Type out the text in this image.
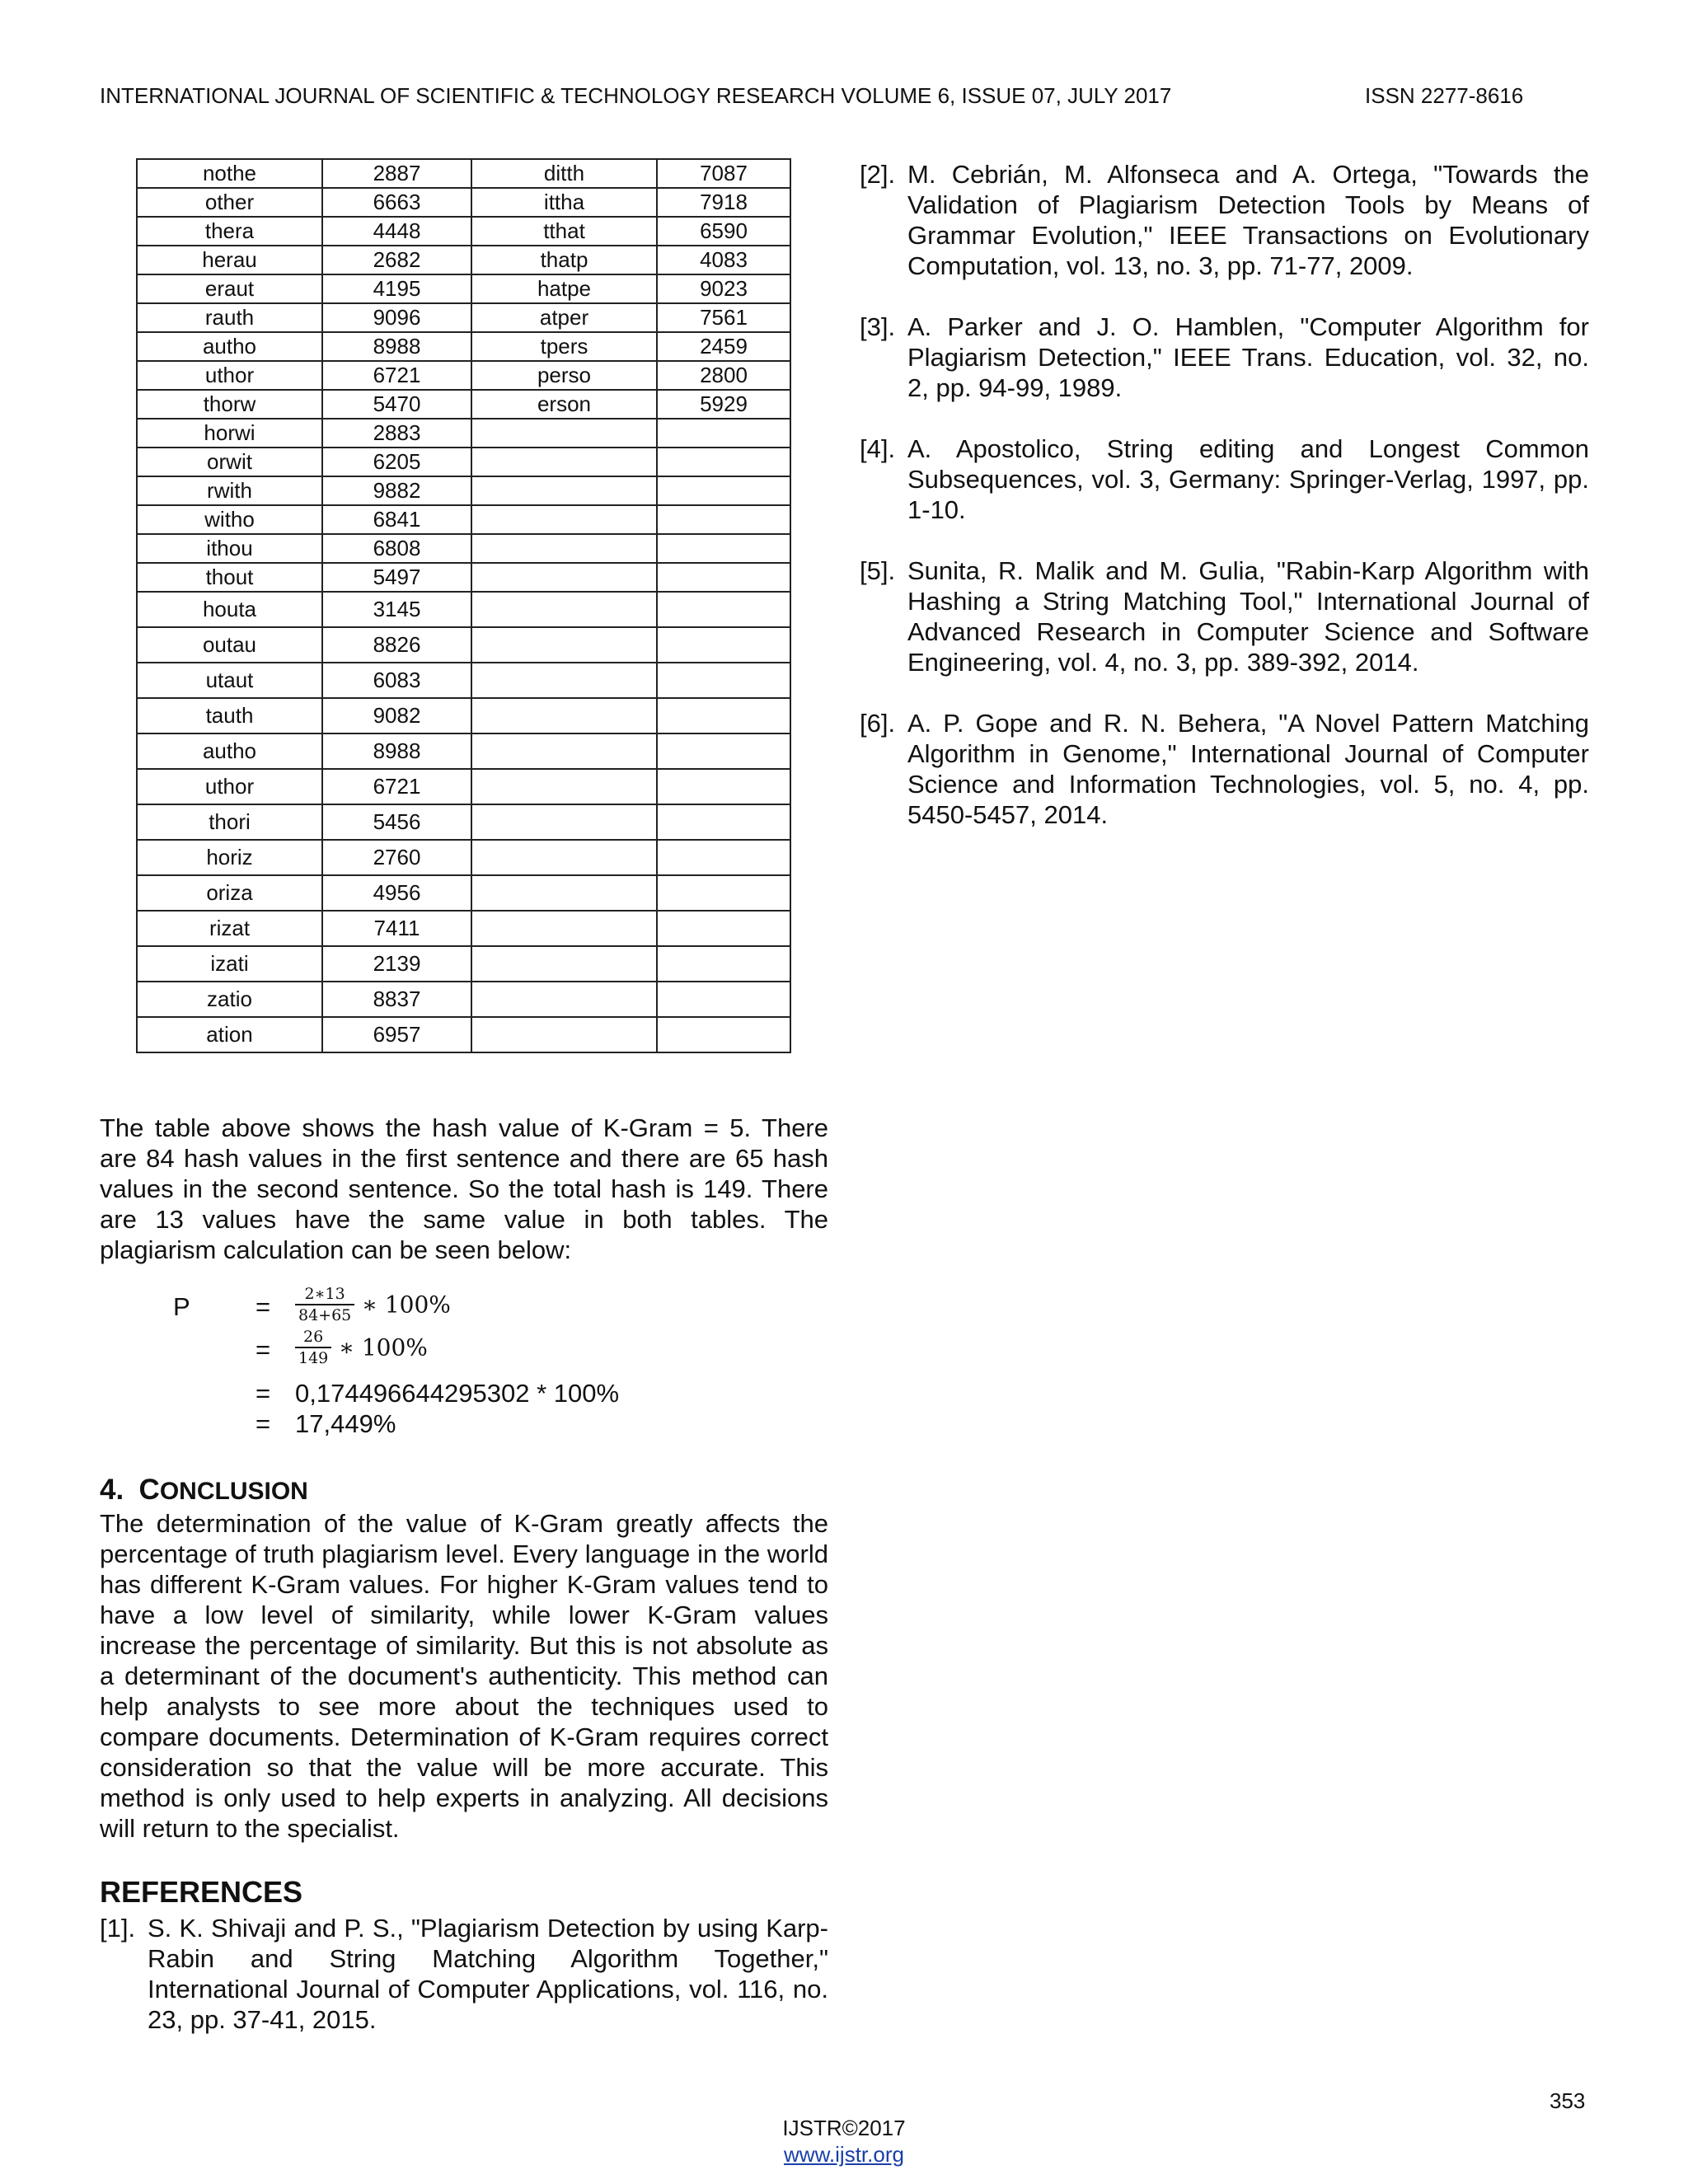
INTERNATIONAL JOURNAL OF SCIENTIFIC & TECHNOLOGY RESEARCH VOLUME 6, ISSUE 07, JULY 2017	ISSN 2277-8616
nothe	2887	ditth	7087
other	6663	ittha	7918
thera	4448	tthat	6590
herau	2682	thatp	4083
eraut	4195	hatpe	9023
rauth	9096	atper	7561
autho	8988	tpers	2459
uthor	6721	perso	2800
thorw	5470	erson	5929
horwi	2883		
orwit	6205		
rwith	9882		
witho	6841		
ithou	6808		
thout	5497		
houta	3145		
outau	8826		
utaut	6083		
tauth	9082		
autho	8988		
uthor	6721		
thori	5456		
horiz	2760		
oriza	4956		
rizat	7411		
izati	2139		
zatio	8837		
ation	6957		

The table above shows the hash value of K-Gram = 5. There are 84 hash values in the first sentence and there are 65 hash values in the second sentence. So the total hash is 149. There are 13 values have the same value in both tables. The plagiarism calculation can be seen below:

P	= $\frac{2∗13}{84+65}$ ∗ 100%
= $\frac{26}{149}$ ∗ 100%
= 0,174496644295302 * 100%
= 17,449%
4. CONCLUSION

The determination of the value of K-Gram greatly affects the percentage of truth plagiarism level. Every language in the world has different K-Gram values. For higher K-Gram values tend to have a low level of similarity, while lower K-Gram values increase the percentage of similarity. But this is not absolute as a determinant of the document's authenticity. This method can help analysts to see more about the techniques used to compare documents. Determination of K-Gram requires correct consideration so that the value will be more accurate. This method is only used to help experts in analyzing. All decisions will return to the specialist.

REFERENCES
[1]. S. K. Shivaji and P. S., "Plagiarism Detection by using Karp-Rabin and String Matching Algorithm Together," International Journal of Computer Applications, vol. 116, no. 23, pp. 37-41, 2015.
[2]. M. Cebrián, M. Alfonseca and A. Ortega, "Towards the Validation of Plagiarism Detection Tools by Means of Grammar Evolution," IEEE Transactions on Evolutionary Computation, vol. 13, no. 3, pp. 71-77, 2009.
[3]. A. Parker and J. O. Hamblen, "Computer Algorithm for Plagiarism Detection," IEEE Trans. Education, vol. 32, no. 2, pp. 94-99, 1989.
[4]. A. Apostolico, String editing and Longest Common Subsequences, vol. 3, Germany: Springer-Verlag, 1997, pp. 1-10.
[5]. Sunita, R. Malik and M. Gulia, "Rabin-Karp Algorithm with Hashing a String Matching Tool," International Journal of Advanced Research in Computer Science and Software Engineering, vol. 4, no. 3, pp. 389-392, 2014.
[6]. A. P. Gope and R. N. Behera, "A Novel Pattern Matching Algorithm in Genome," International Journal of Computer Science and Information Technologies, vol. 5, no. 4, pp. 5450-5457, 2014.
353
IJSTR©2017
www.ijstr.org
